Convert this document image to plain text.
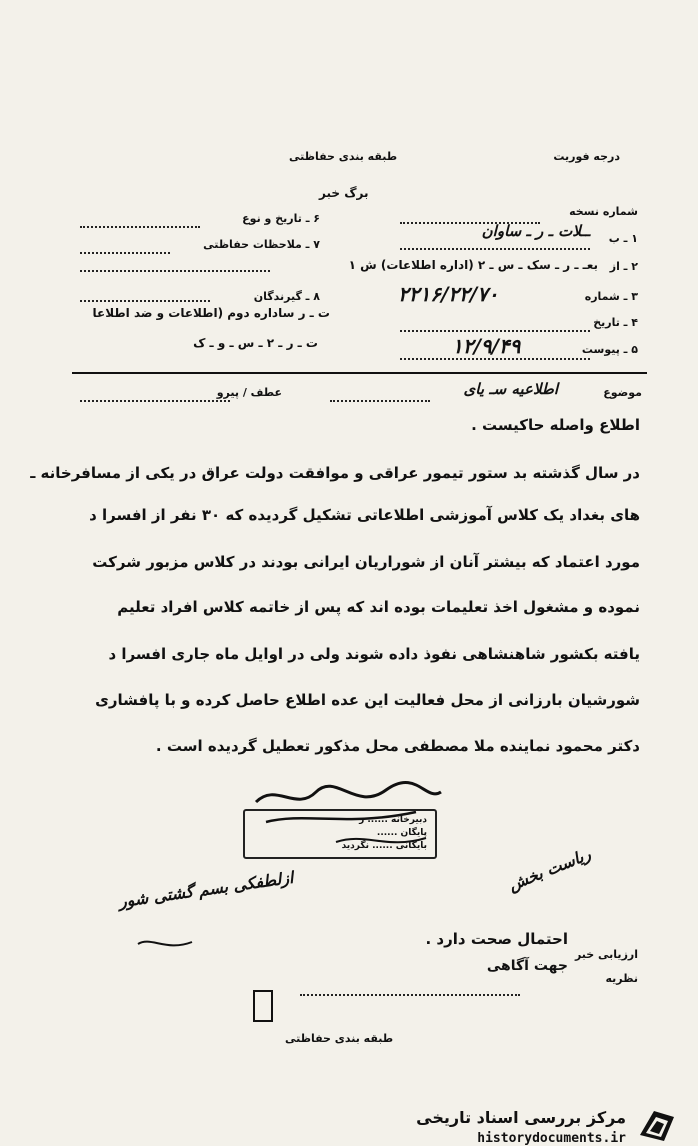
درجه فوریت
طبقه بندی حفاظتی
برگ خبر
شماره نسخه
۱ ـ ب
ــلات ـ ر ـ ساوان
۲ ـ از
بعـ ـ ر ـ سک ـ س ـ ۲ (اداره اطلاعات) ش ۱
۳ ـ شماره
۲۲۱۶/۲۲/۷۰
۴ ـ تاریخ
۵ ـ پیوست
۱۲/۹/۴۹
۶ ـ تاریخ و نوع
۷ ـ ملاحظات حفاظتی
۸ ـ گیرندگان
ت ـ ر ساداره دوم (اطلاعات و ضد اطلاعا
ت ـ ر ـ ۲ ـ س ـ و ـ ک
موضوع
اطلاعیه سـ یای
عطف / پیرو
اطلاع واصله حاکیست .
در سال گذشته بد ستور تیمور عراقی و موافقت دولت عراق در یکی از مسافرخانه ـ
های بغداد یک کلاس آموزشی اطلاعاتی تشکیل گردیده که ۳۰ نفر از افسرا د
مورد اعتماد که بیشتر آنان از شوراریان ایرانی بودند در کلاس مزبور شرکت
نموده و مشغول اخذ تعلیمات بوده اند که پس از خاتمه کلاس افراد تعلیم
یافته بکشور شاهنشاهی نفوذ داده شوند ولی در اوایل ماه جاری افسرا د
شورشیان بارزانی از محل فعالیت این عده اطلاع حاصل کرده و با پافشاری
دکتر محمود نماینده ملا مصطفی محل مذکور تعطیل گردیده است .
دبیرخانه ...... ر
پایگان ......
بایگانی ...... نگردید
ازلطفکی بسم گشتی شور	ریاست بخش
ارزیابی خبر
احتمال صحت دارد .
نظریه
جهت آگاهی
طبقه بندی حفاظتی
مرکز بررسی اسناد تاریخی
historydocuments.ir
